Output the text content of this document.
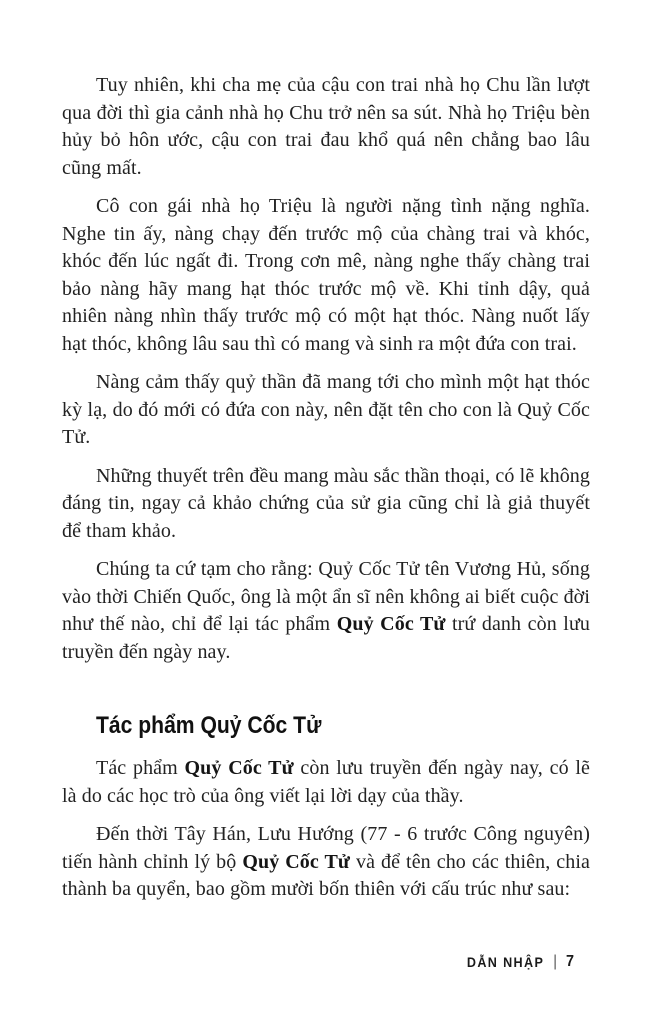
Tuy nhiên, khi cha mẹ của cậu con trai nhà họ Chu lần lượt qua đời thì gia cảnh nhà họ Chu trở nên sa sút. Nhà họ Triệu bèn hủy bỏ hôn ước, cậu con trai đau khổ quá nên chẳng bao lâu cũng mất.

Cô con gái nhà họ Triệu là người nặng tình nặng nghĩa. Nghe tin ấy, nàng chạy đến trước mộ của chàng trai và khóc, khóc đến lúc ngất đi. Trong cơn mê, nàng nghe thấy chàng trai bảo nàng hãy mang hạt thóc trước mộ về. Khi tỉnh dậy, quả nhiên nàng nhìn thấy trước mộ có một hạt thóc. Nàng nuốt lấy hạt thóc, không lâu sau thì có mang và sinh ra một đứa con trai.

Nàng cảm thấy quỷ thần đã mang tới cho mình một hạt thóc kỳ lạ, do đó mới có đứa con này, nên đặt tên cho con là Quỷ Cốc Tử.

Những thuyết trên đều mang màu sắc thần thoại, có lẽ không đáng tin, ngay cả khảo chứng của sử gia cũng chỉ là giả thuyết để tham khảo.

Chúng ta cứ tạm cho rằng: Quỷ Cốc Tử tên Vương Hủ, sống vào thời Chiến Quốc, ông là một ẩn sĩ nên không ai biết cuộc đời như thế nào, chỉ để lại tác phẩm Quỷ Cốc Tử trứ danh còn lưu truyền đến ngày nay.

Tác phẩm Quỷ Cốc Tử

Tác phẩm Quỷ Cốc Tử còn lưu truyền đến ngày nay, có lẽ là do các học trò của ông viết lại lời dạy của thầy.

Đến thời Tây Hán, Lưu Hướng (77 - 6 trước Công nguyên) tiến hành chỉnh lý bộ Quỷ Cốc Tử và để tên cho các thiên, chia thành ba quyển, bao gồm mười bốn thiên với cấu trúc như sau:

DẪN NHẬP | 7
